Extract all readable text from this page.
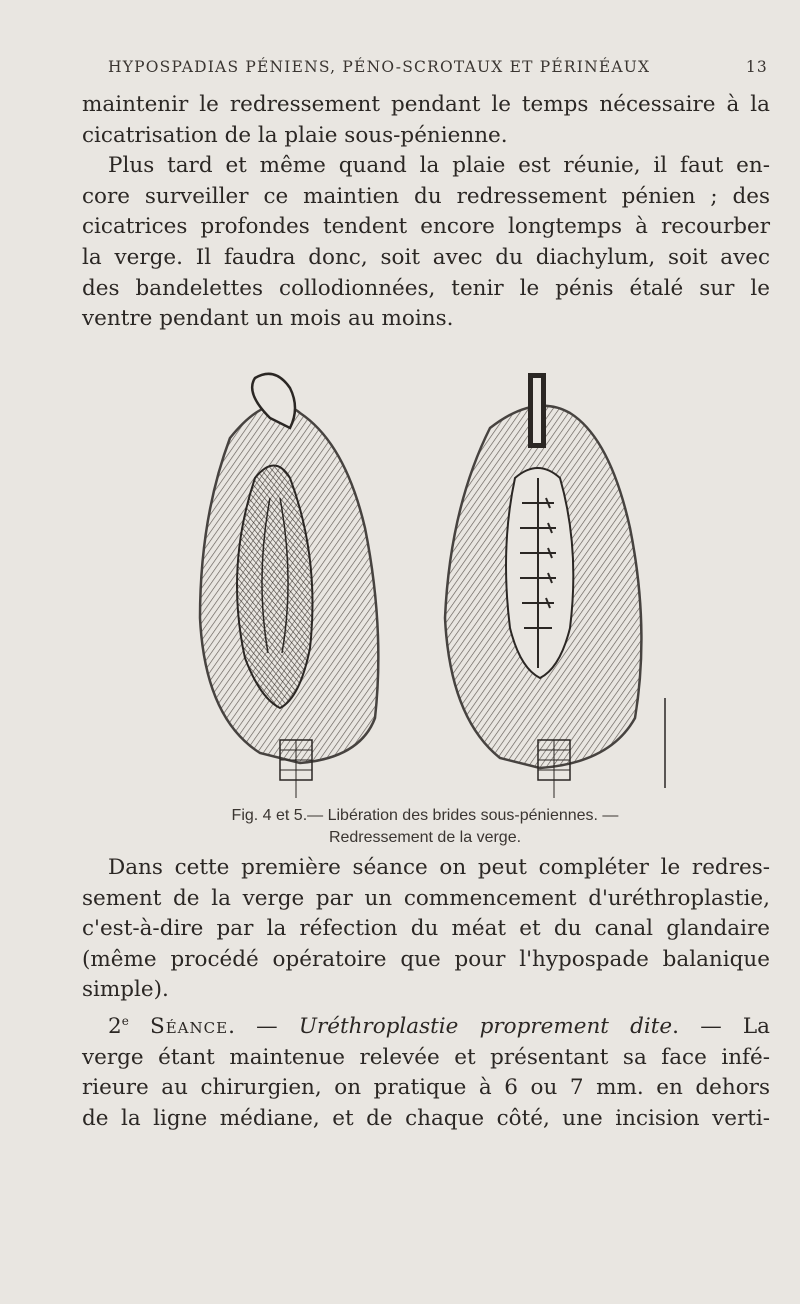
HYPOSPADIAS PÉNIENS, PÉNO-SCROTAUX ET PÉRINÉAUX	13
maintenir le redressement pendant le temps nécessaire à la
cicatrisation de la plaie sous-pénienne.
Plus tard et même quand la plaie est réunie, il faut en-
core surveiller ce maintien du redressement pénien ; des
cicatrices profondes tendent encore longtemps à recourber
la verge. Il faudra donc, soit avec du diachylum, soit avec
des bandelettes collodionnées, tenir le pénis étalé sur le
ventre pendant un mois au moins.
Fig. 4 et 5.— Libération des brides sous-péniennes. —
Redressement de la verge.
Dans cette première séance on peut compléter le redres-
sement de la verge par un commencement d'uréthroplastie,
c'est-à-dire par la réfection du méat et du canal glandaire
(même procédé opératoire que pour l'hypospade balanique
simple).
2e Séance. — Uréthroplastie proprement dite. — La
verge étant maintenue relevée et présentant sa face infé-
rieure au chirurgien, on pratique à 6 ou 7 mm. en dehors
de la ligne médiane, et de chaque côté, une incision verti-
